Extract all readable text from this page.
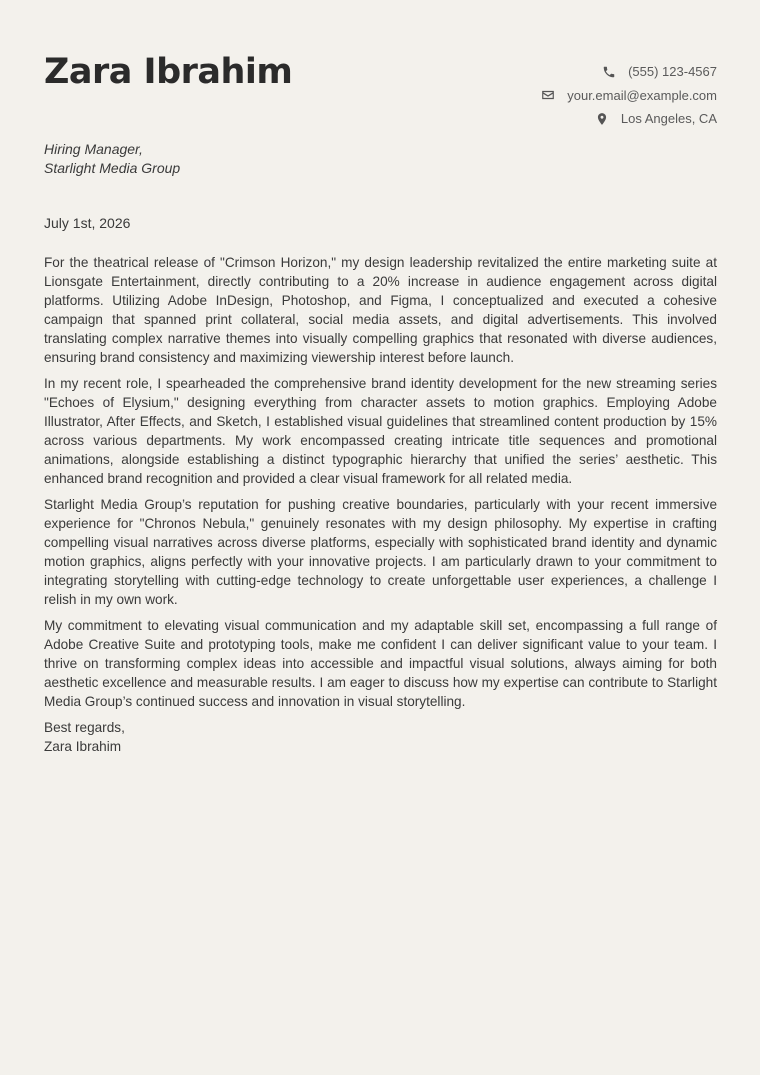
Zara Ibrahim	(555) 123-4567
your.email@example.com
Los Angeles, CA
Hiring Manager,
Starlight Media Group
July 1st, 2026

For the theatrical release of "Crimson Horizon," my design leadership revitalized the entire marketing suite at Lionsgate Entertainment, directly contributing to a 20% increase in audience engagement across digital platforms. Utilizing Adobe InDesign, Photoshop, and Figma, I conceptualized and executed a cohesive campaign that spanned print collateral, social media assets, and digital advertisements. This involved translating complex narrative themes into visually compelling graphics that resonated with diverse audiences, ensuring brand consistency and maximizing viewership interest before launch.

In my recent role, I spearheaded the comprehensive brand identity development for the new streaming series "Echoes of Elysium," designing everything from character assets to motion graphics. Employing Adobe Illustrator, After Effects, and Sketch, I established visual guidelines that streamlined content production by 15% across various departments. My work encompassed creating intricate title sequences and promotional animations, alongside establishing a distinct typographic hierarchy that unified the series’ aesthetic. This enhanced brand recognition and provided a clear visual framework for all related media.

Starlight Media Group’s reputation for pushing creative boundaries, particularly with your recent immersive experience for "Chronos Nebula," genuinely resonates with my design philosophy. My expertise in crafting compelling visual narratives across diverse platforms, especially with sophisticated brand identity and dynamic motion graphics, aligns perfectly with your innovative projects. I am particularly drawn to your commitment to integrating storytelling with cutting-edge technology to create unforgettable user experiences, a challenge I relish in my own work.

My commitment to elevating visual communication and my adaptable skill set, encompassing a full range of Adobe Creative Suite and prototyping tools, make me confident I can deliver significant value to your team. I thrive on transforming complex ideas into accessible and impactful visual solutions, always aiming for both aesthetic excellence and measurable results. I am eager to discuss how my expertise can contribute to Starlight Media Group’s continued success and innovation in visual storytelling.

Best regards,
Zara Ibrahim
